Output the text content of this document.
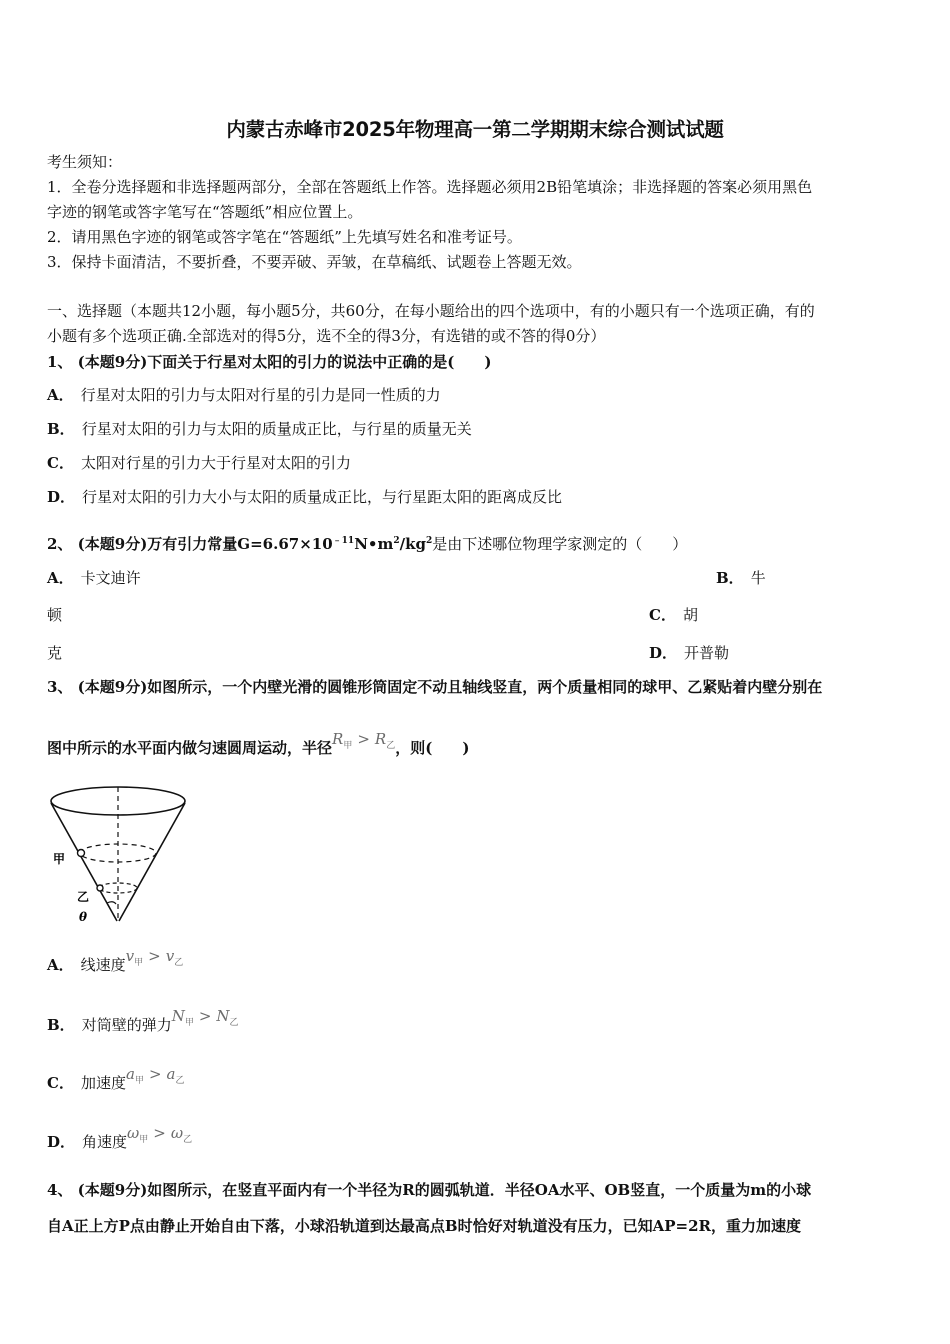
内蒙古赤峰市2025年物理高一第二学期期末综合测试试题
考生须知：
1．全卷分选择题和非选择题两部分，全部在答题纸上作答。选择题必须用2B铅笔填涂；非选择题的答案必须用黑色
字迹的钢笔或答字笔写在“答题纸”相应位置上。
2．请用黑色字迹的钢笔或答字笔在“答题纸”上先填写姓名和准考证号。
3．保持卡面清洁，不要折叠，不要弄破、弄皱，在草稿纸、试题卷上答题无效。
一、选择题（本题共12小题，每小题5分，共60分，在每小题给出的四个选项中，有的小题只有一个选项正确，有的
小题有多个选项正确.全部选对的得5分，选不全的得3分，有选错的或不答的得0分）
1、 (本题9分)下面关于行星对太阳的引力的说法中正确的是(　　)
A． 行星对太阳的引力与太阳对行星的引力是同一性质的力
B． 行星对太阳的引力与太阳的质量成正比，与行星的质量无关
C． 太阳对行星的引力大于行星对太阳的引力
D． 行星对太阳的引力大小与太阳的质量成正比，与行星距太阳的距离成反比
2、 (本题9分)万有引力常量$G=6.67\times 10^{﹣11}N•m^2/kg^2$是由下述哪位物理学家测定的（　　）
A． 卡文迪许	B． 牛
顿	C． 胡
克	D． 开普勒
3、 (本题9分)如图所示，一个内壁光滑的圆锥形筒固定不动且轴线竖直，两个质量相同的球甲、乙紧贴着内壁分别在
图中所示的水平面内做匀速圆周运动，半径$R_甲 > R_乙$，则(　　)
甲
乙
θ
A． 线速度$v_甲 > v_乙$
B． 对筒壁的弹力$N_甲 > N_乙$
C． 加速度$a_甲 > a_乙$
D． 角速度$\omega_甲 > \omega_乙$
4、 (本题9分)如图所示，在竖直平面内有一个半径为R的圆弧轨道．半径OA水平、OB竖直，一个质量为m的小球
自A正上方P点由静止开始自由下落，小球沿轨道到达最高点B时恰好对轨道没有压力，已知AP=2R，重力加速度
